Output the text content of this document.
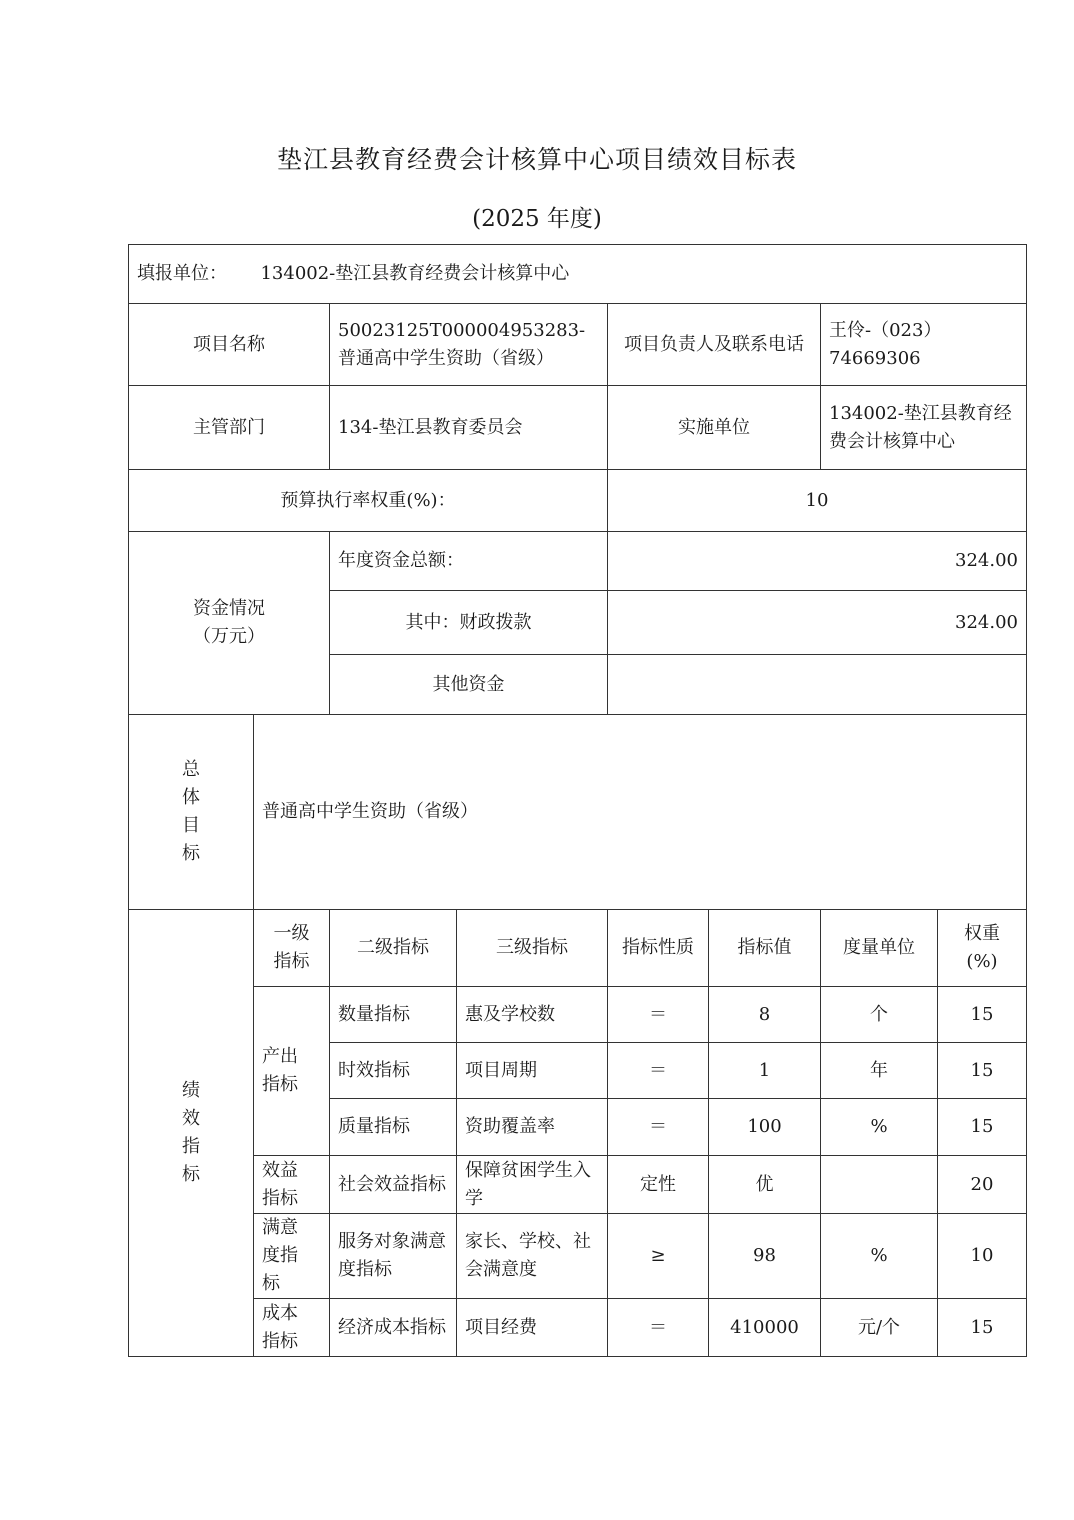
垫江县教育经费会计核算中心项目绩效目标表
(2025 年度)
填报单位： 134002-垫江县教育经费会计核算中心							
项目名称		50023125T000004953283-普通高中学生资助（省级）		项目负责人及联系电话		王伶-（023）74669306	
主管部门		134-垫江县教育委员会		实施单位		134002-垫江县教育经费会计核算中心	
预算执行率权重(%)：				10			

资金情况（万元）		年度资金总额：		324.00			
		其中：财政拨款		324.00			
		其他资金					

总体目标	普通高中学生资助（省级）						

绩效指标	一级指标	二级指标	三级指标	指标性质	指标值	度量单位	权重(%)

	产出指标	数量指标	惠及学校数	＝	8	个	15
		时效指标	项目周期	＝	1	年	15
		质量指标	资助覆盖率	＝	100	%	15

	效益指标	社会效益指标	保障贫困学生入学	定性	优		20

	满意度指标	服务对象满意度指标	家长、学校、社会满意度	≥	98	%	10

	成本指标	经济成本指标	项目经费	＝	410000	元/个	15
